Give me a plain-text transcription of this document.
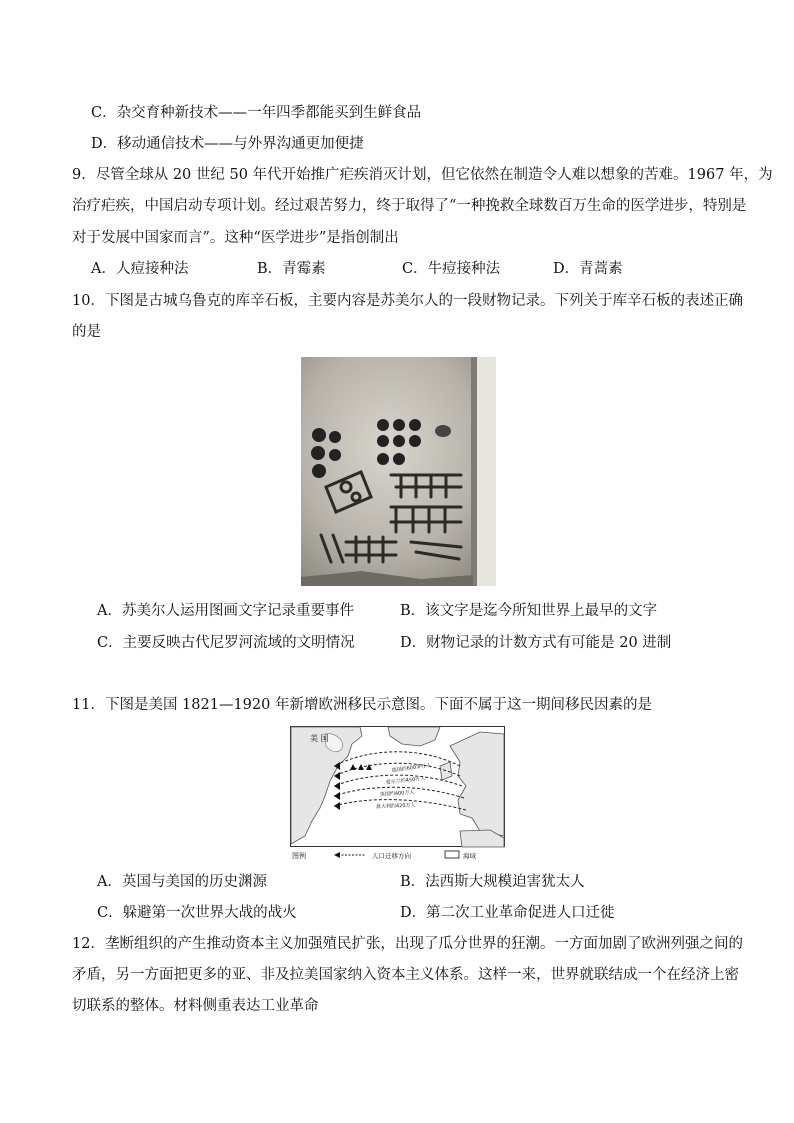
C．杂交育种新技术——一年四季都能买到生鲜食品
D．移动通信技术——与外界沟通更加便捷
9．尽管全球从 20 世纪 50 年代开始推广疟疾消灭计划，但它依然在制造令人难以想象的苦难。1967 年，为
治疗疟疾，中国启动专项计划。经过艰苦努力，终于取得了“一种挽救全球数百万生命的医学进步，特别是
对于发展中国家而言”。这种“医学进步”是指创制出
A．人痘接种法	B．青霉素	C．牛痘接种法	D．青蒿素
10．下图是古城乌鲁克的库辛石板，主要内容是苏美尔人的一段财物记录。下列关于库辛石板的表述正确
的是
A．苏美尔人运用图画文字记录重要事件	B．该文字是迄今所知世界上最早的文字
C．主要反映古代尼罗河流域的文明情况	D．财物记录的计数方式有可能是 20 进制
11．下图是美国 1821—1920 年新增欧洲移民示意图。下面不属于这一期间移民因素的是
美 国
德国约600多万人
爱尔兰约450万人
英国约400万人
意大利约420万人
图例	人口迁移方向	海域
A．英国与美国的历史渊源	B．法西斯大规模迫害犹太人
C．躲避第一次世界大战的战火	D．第二次工业革命促进人口迁徙
12．垄断组织的产生推动资本主义加强殖民扩张，出现了瓜分世界的狂潮。一方面加剧了欧洲列强之间的
矛盾，另一方面把更多的亚、非及拉美国家纳入资本主义体系。这样一来，世界就联结成一个在经济上密
切联系的整体。材料侧重表达工业革命
